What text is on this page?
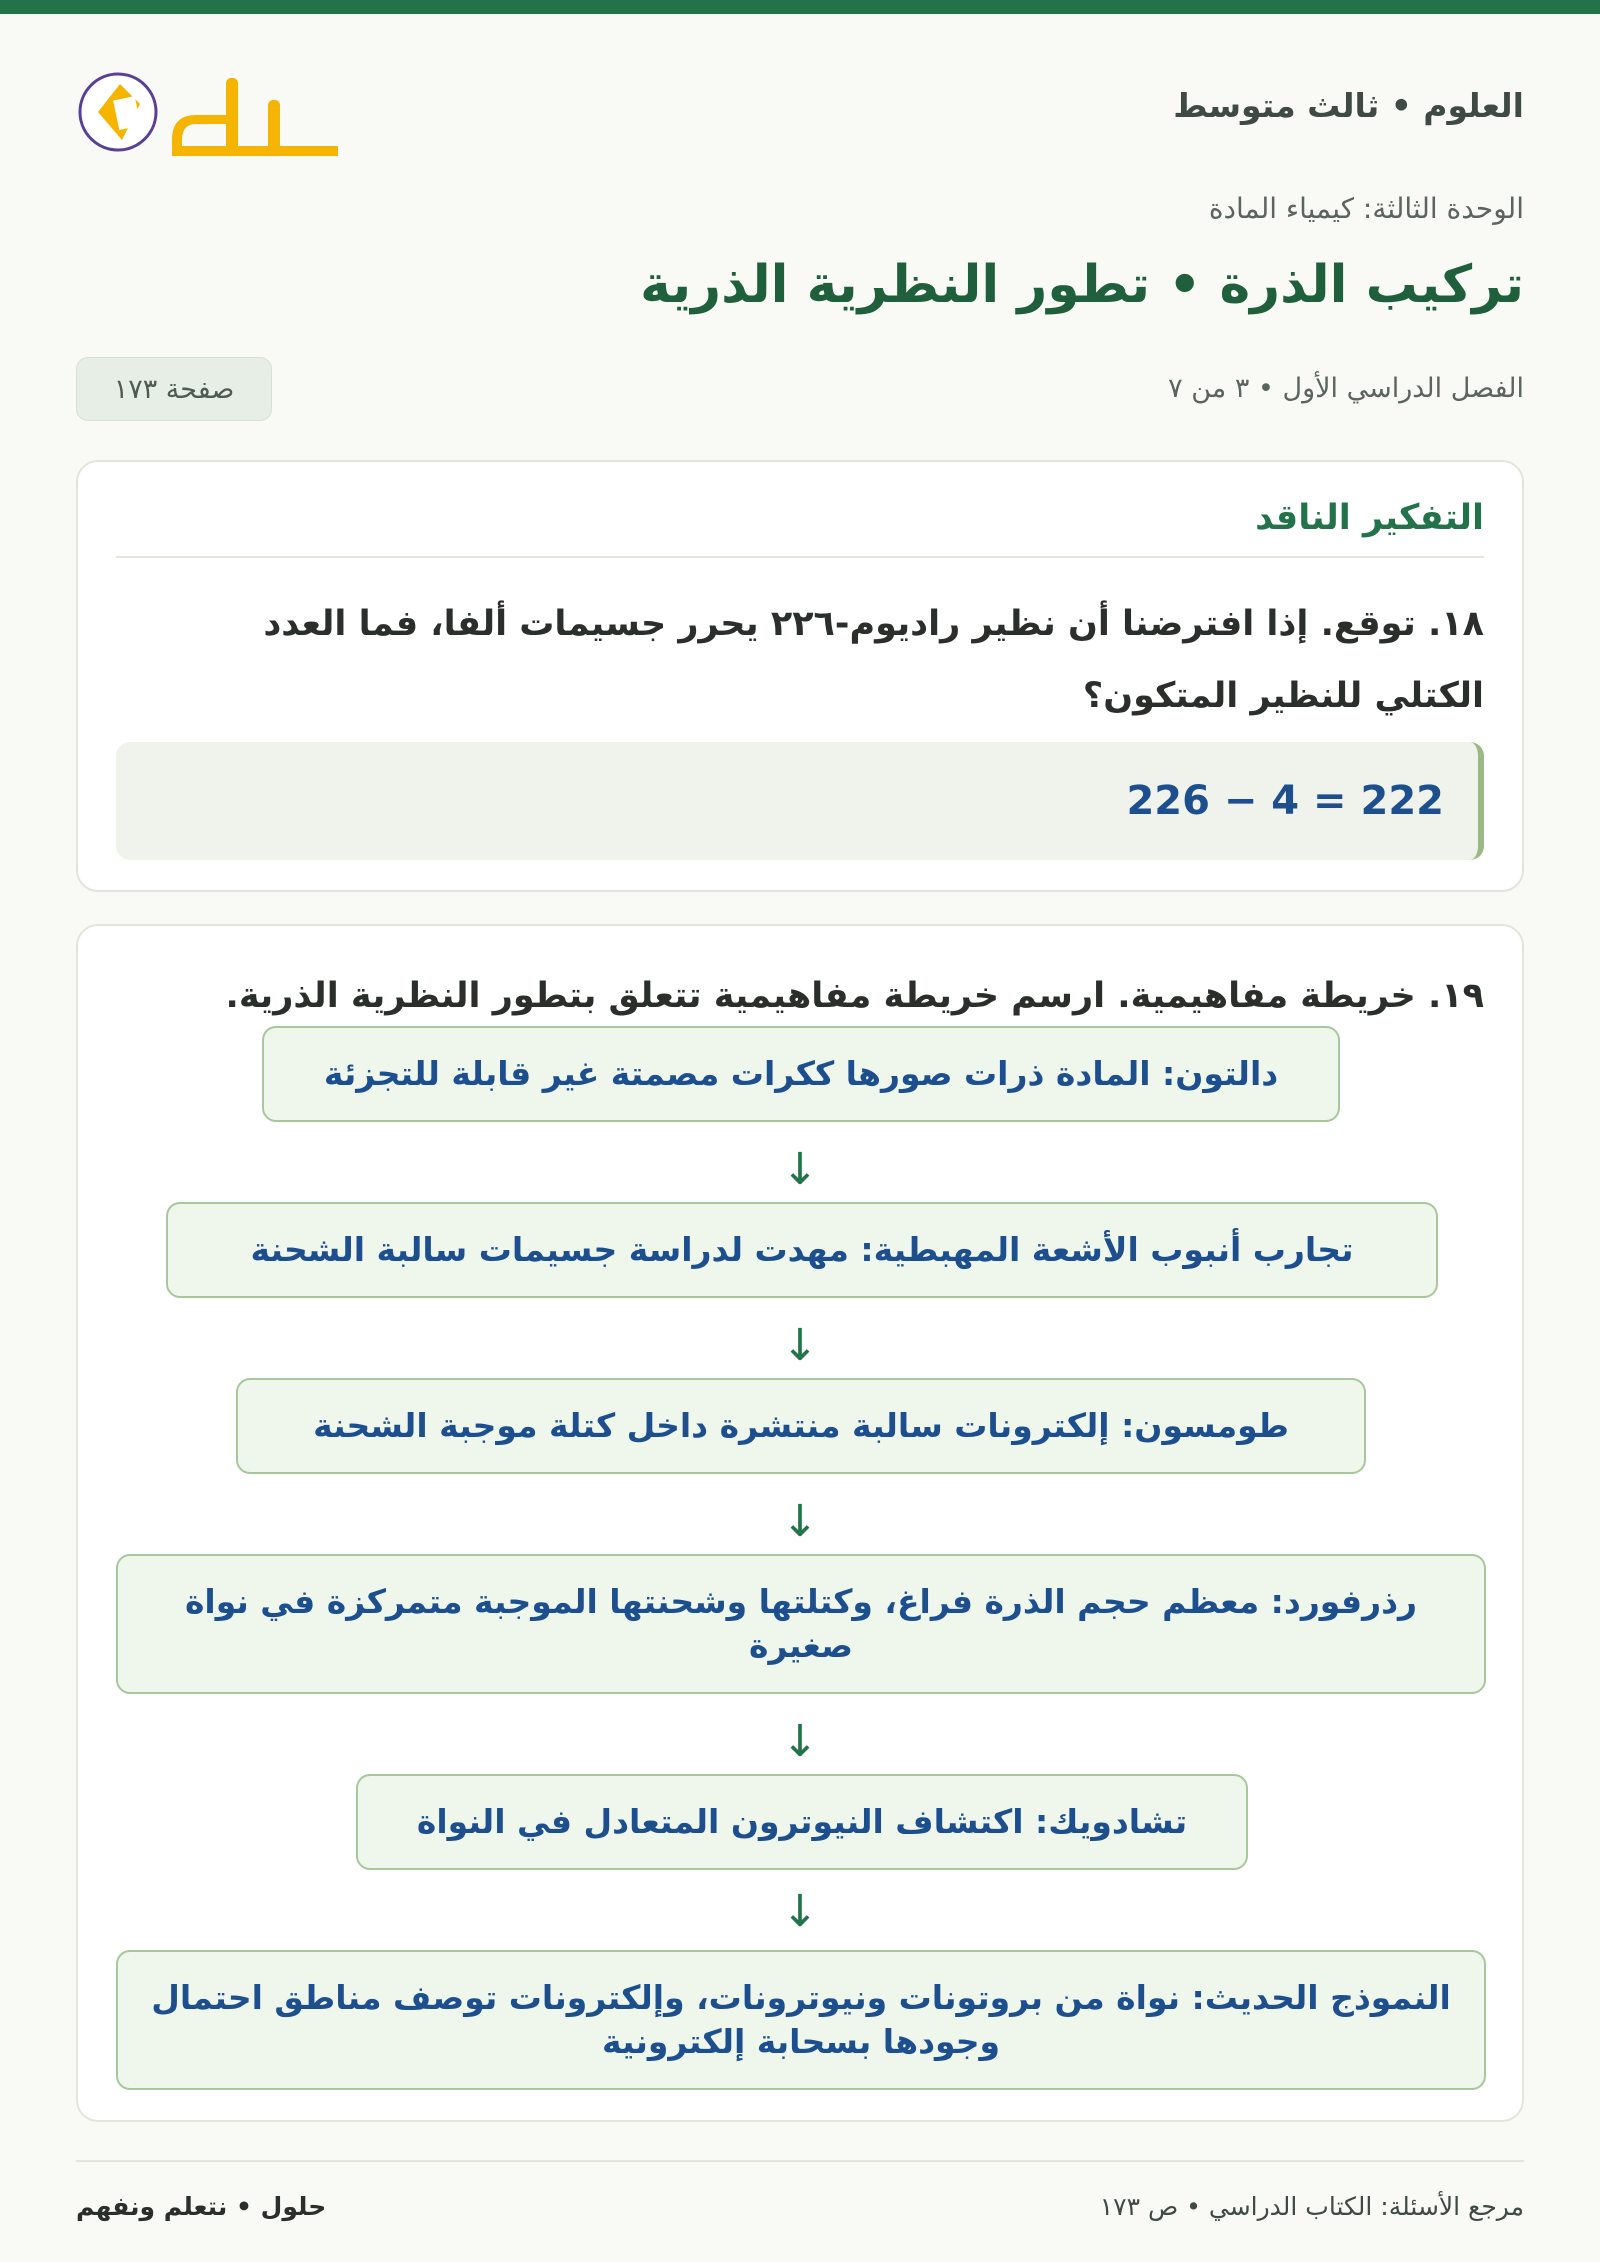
العلوم • ثالث متوسط
الوحدة الثالثة: كيمياء المادة
تركيب الذرة • تطور النظرية الذرية
الفصل الدراسي الأول • ٣ من ٧
صفحة ١٧٣
التفكير الناقد
١٨. توقع. إذا افترضنا أن نظير راديوم-٢٢٦ يحرر جسيمات ألفا، فما العدد الكتلي للنظير المتكون؟
226 − 4 = 222
١٩. خريطة مفاهيمية. ارسم خريطة مفاهيمية تتعلق بتطور النظرية الذرية.
دالتون: المادة ذرات صورها ككرات مصمتة غير قابلة للتجزئة
↓
تجارب أنبوب الأشعة المهبطية: مهدت لدراسة جسيمات سالبة الشحنة
↓
طومسون: إلكترونات سالبة منتشرة داخل كتلة موجبة الشحنة
↓
رذرفورد: معظم حجم الذرة فراغ، وكتلتها وشحنتها الموجبة متمركزة في نواة صغيرة
↓
تشادويك: اكتشاف النيوترون المتعادل في النواة
↓
النموذج الحديث: نواة من بروتونات ونيوترونات، وإلكترونات توصف مناطق احتمال وجودها بسحابة إلكترونية
حلول • نتعلم ونفهم	مرجع الأسئلة: الكتاب الدراسي • ص ١٧٣
